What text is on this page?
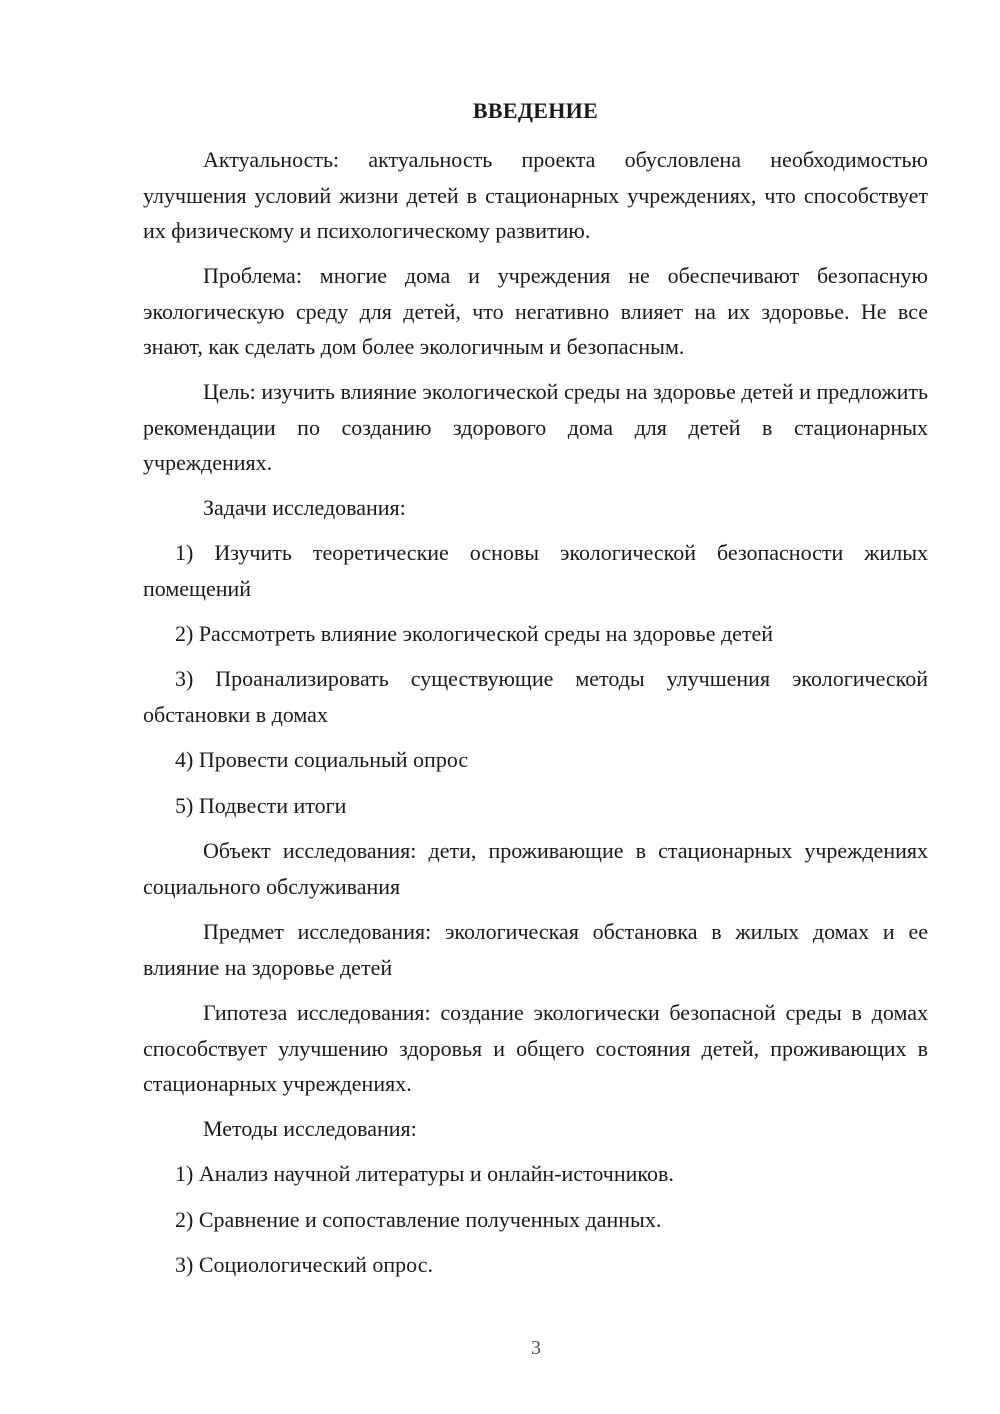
ВВЕДЕНИЕ

Актуальность: актуальность проекта обусловлена необходимостью улучшения условий жизни детей в стационарных учреждениях, что способствует их физическому и психологическому развитию.

Проблема: многие дома и учреждения не обеспечивают безопасную экологическую среду для детей, что негативно влияет на их здоровье. Не все знают, как сделать дом более экологичным и безопасным.

Цель: изучить влияние экологической среды на здоровье детей и предложить рекомендации по созданию здорового дома для детей в стационарных учреждениях.

Задачи исследования:

1) Изучить теоретические основы экологической безопасности жилых помещений

2) Рассмотреть влияние экологической среды на здоровье детей

3) Проанализировать существующие методы улучшения экологической обстановки в домах

4) Провести социальный опрос

5) Подвести итоги

Объект исследования: дети, проживающие в стационарных учреждениях социального обслуживания

Предмет исследования: экологическая обстановка в жилых домах и ее влияние на здоровье детей

Гипотеза исследования: создание экологически безопасной среды в домах способствует улучшению здоровья и общего состояния детей, проживающих в стационарных учреждениях.

Методы исследования:

1) Анализ научной литературы и онлайн-источников.

2) Сравнение и сопоставление полученных данных.

3) Социологический опрос.

3
